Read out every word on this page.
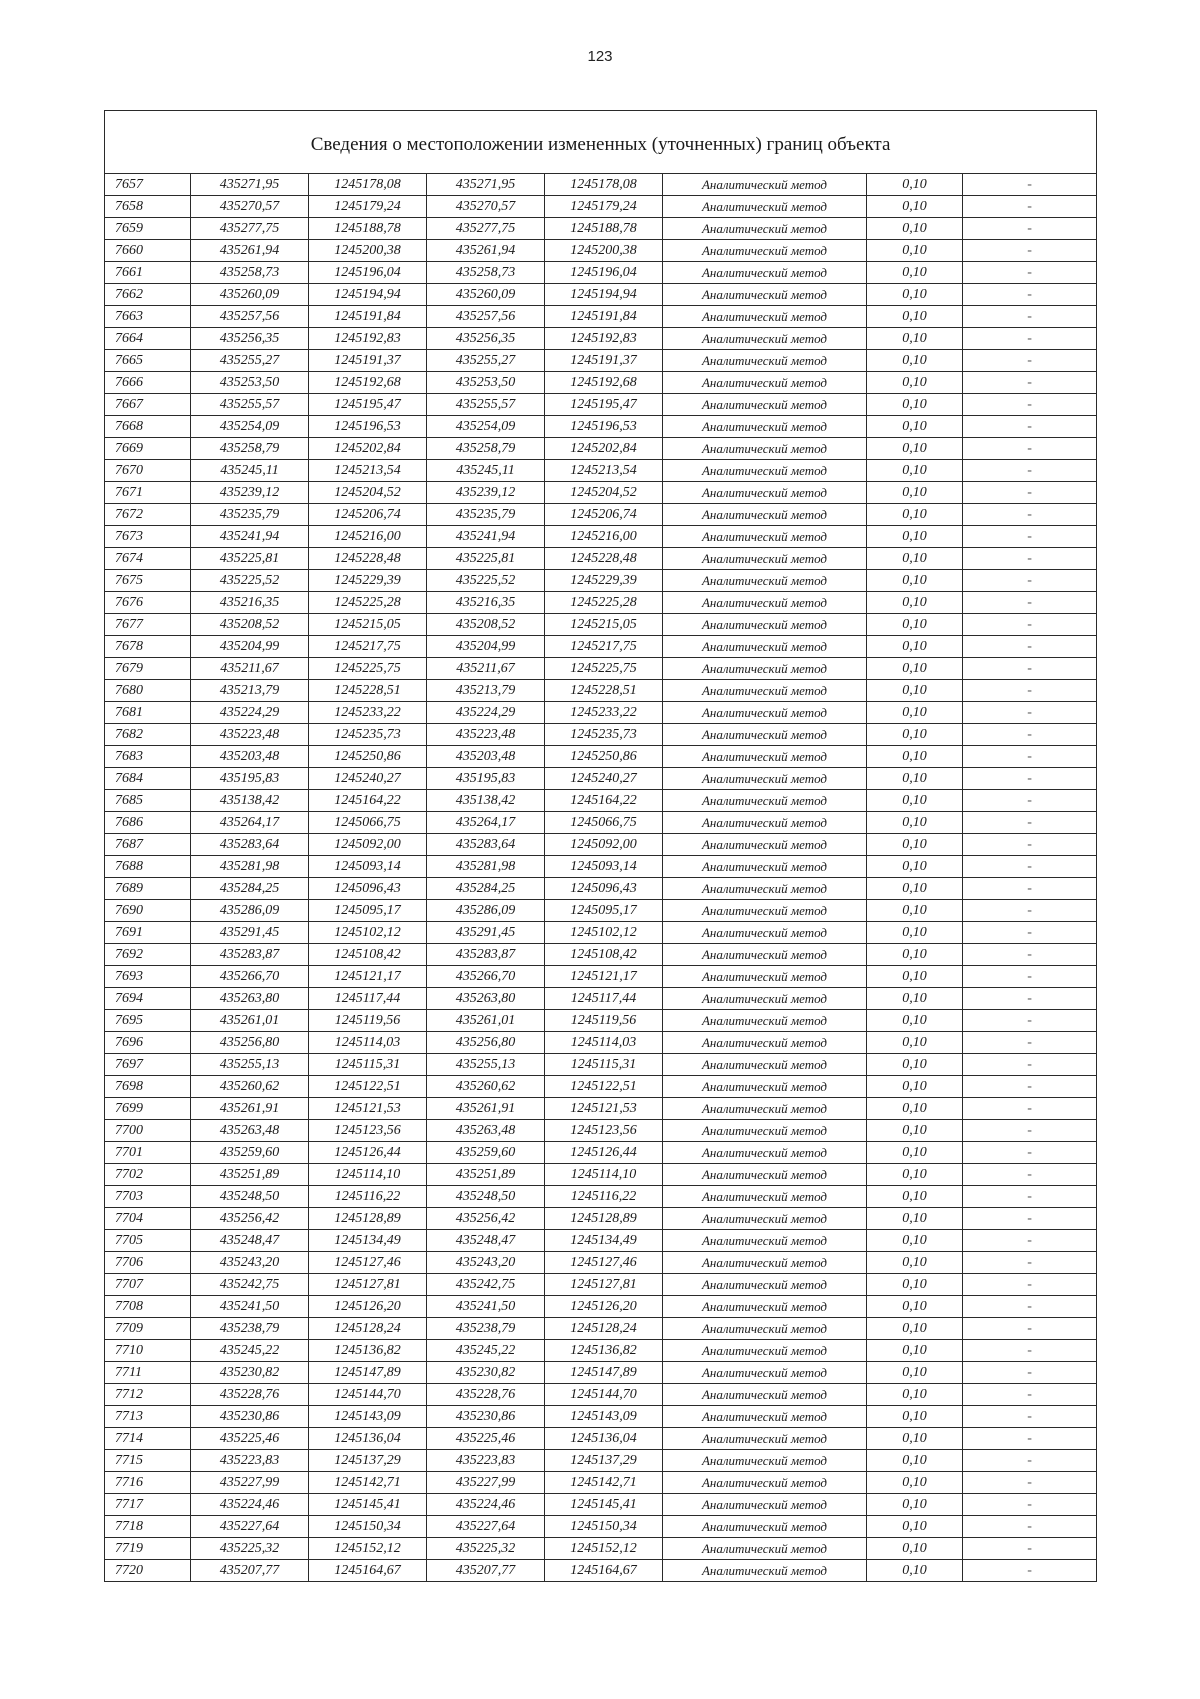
123
Сведения о местоположении измененных (уточненных) границ объекта							
7657	435271,95	1245178,08	435271,95	1245178,08	Аналитический метод	0,10	-
7658	435270,57	1245179,24	435270,57	1245179,24	Аналитический метод	0,10	-
7659	435277,75	1245188,78	435277,75	1245188,78	Аналитический метод	0,10	-
7660	435261,94	1245200,38	435261,94	1245200,38	Аналитический метод	0,10	-
7661	435258,73	1245196,04	435258,73	1245196,04	Аналитический метод	0,10	-
7662	435260,09	1245194,94	435260,09	1245194,94	Аналитический метод	0,10	-
7663	435257,56	1245191,84	435257,56	1245191,84	Аналитический метод	0,10	-
7664	435256,35	1245192,83	435256,35	1245192,83	Аналитический метод	0,10	-
7665	435255,27	1245191,37	435255,27	1245191,37	Аналитический метод	0,10	-
7666	435253,50	1245192,68	435253,50	1245192,68	Аналитический метод	0,10	-
7667	435255,57	1245195,47	435255,57	1245195,47	Аналитический метод	0,10	-
7668	435254,09	1245196,53	435254,09	1245196,53	Аналитический метод	0,10	-
7669	435258,79	1245202,84	435258,79	1245202,84	Аналитический метод	0,10	-
7670	435245,11	1245213,54	435245,11	1245213,54	Аналитический метод	0,10	-
7671	435239,12	1245204,52	435239,12	1245204,52	Аналитический метод	0,10	-
7672	435235,79	1245206,74	435235,79	1245206,74	Аналитический метод	0,10	-
7673	435241,94	1245216,00	435241,94	1245216,00	Аналитический метод	0,10	-
7674	435225,81	1245228,48	435225,81	1245228,48	Аналитический метод	0,10	-
7675	435225,52	1245229,39	435225,52	1245229,39	Аналитический метод	0,10	-
7676	435216,35	1245225,28	435216,35	1245225,28	Аналитический метод	0,10	-
7677	435208,52	1245215,05	435208,52	1245215,05	Аналитический метод	0,10	-
7678	435204,99	1245217,75	435204,99	1245217,75	Аналитический метод	0,10	-
7679	435211,67	1245225,75	435211,67	1245225,75	Аналитический метод	0,10	-
7680	435213,79	1245228,51	435213,79	1245228,51	Аналитический метод	0,10	-
7681	435224,29	1245233,22	435224,29	1245233,22	Аналитический метод	0,10	-
7682	435223,48	1245235,73	435223,48	1245235,73	Аналитический метод	0,10	-
7683	435203,48	1245250,86	435203,48	1245250,86	Аналитический метод	0,10	-
7684	435195,83	1245240,27	435195,83	1245240,27	Аналитический метод	0,10	-
7685	435138,42	1245164,22	435138,42	1245164,22	Аналитический метод	0,10	-
7686	435264,17	1245066,75	435264,17	1245066,75	Аналитический метод	0,10	-
7687	435283,64	1245092,00	435283,64	1245092,00	Аналитический метод	0,10	-
7688	435281,98	1245093,14	435281,98	1245093,14	Аналитический метод	0,10	-
7689	435284,25	1245096,43	435284,25	1245096,43	Аналитический метод	0,10	-
7690	435286,09	1245095,17	435286,09	1245095,17	Аналитический метод	0,10	-
7691	435291,45	1245102,12	435291,45	1245102,12	Аналитический метод	0,10	-
7692	435283,87	1245108,42	435283,87	1245108,42	Аналитический метод	0,10	-
7693	435266,70	1245121,17	435266,70	1245121,17	Аналитический метод	0,10	-
7694	435263,80	1245117,44	435263,80	1245117,44	Аналитический метод	0,10	-
7695	435261,01	1245119,56	435261,01	1245119,56	Аналитический метод	0,10	-
7696	435256,80	1245114,03	435256,80	1245114,03	Аналитический метод	0,10	-
7697	435255,13	1245115,31	435255,13	1245115,31	Аналитический метод	0,10	-
7698	435260,62	1245122,51	435260,62	1245122,51	Аналитический метод	0,10	-
7699	435261,91	1245121,53	435261,91	1245121,53	Аналитический метод	0,10	-
7700	435263,48	1245123,56	435263,48	1245123,56	Аналитический метод	0,10	-
7701	435259,60	1245126,44	435259,60	1245126,44	Аналитический метод	0,10	-
7702	435251,89	1245114,10	435251,89	1245114,10	Аналитический метод	0,10	-
7703	435248,50	1245116,22	435248,50	1245116,22	Аналитический метод	0,10	-
7704	435256,42	1245128,89	435256,42	1245128,89	Аналитический метод	0,10	-
7705	435248,47	1245134,49	435248,47	1245134,49	Аналитический метод	0,10	-
7706	435243,20	1245127,46	435243,20	1245127,46	Аналитический метод	0,10	-
7707	435242,75	1245127,81	435242,75	1245127,81	Аналитический метод	0,10	-
7708	435241,50	1245126,20	435241,50	1245126,20	Аналитический метод	0,10	-
7709	435238,79	1245128,24	435238,79	1245128,24	Аналитический метод	0,10	-
7710	435245,22	1245136,82	435245,22	1245136,82	Аналитический метод	0,10	-
7711	435230,82	1245147,89	435230,82	1245147,89	Аналитический метод	0,10	-
7712	435228,76	1245144,70	435228,76	1245144,70	Аналитический метод	0,10	-
7713	435230,86	1245143,09	435230,86	1245143,09	Аналитический метод	0,10	-
7714	435225,46	1245136,04	435225,46	1245136,04	Аналитический метод	0,10	-
7715	435223,83	1245137,29	435223,83	1245137,29	Аналитический метод	0,10	-
7716	435227,99	1245142,71	435227,99	1245142,71	Аналитический метод	0,10	-
7717	435224,46	1245145,41	435224,46	1245145,41	Аналитический метод	0,10	-
7718	435227,64	1245150,34	435227,64	1245150,34	Аналитический метод	0,10	-
7719	435225,32	1245152,12	435225,32	1245152,12	Аналитический метод	0,10	-
7720	435207,77	1245164,67	435207,77	1245164,67	Аналитический метод	0,10	-
